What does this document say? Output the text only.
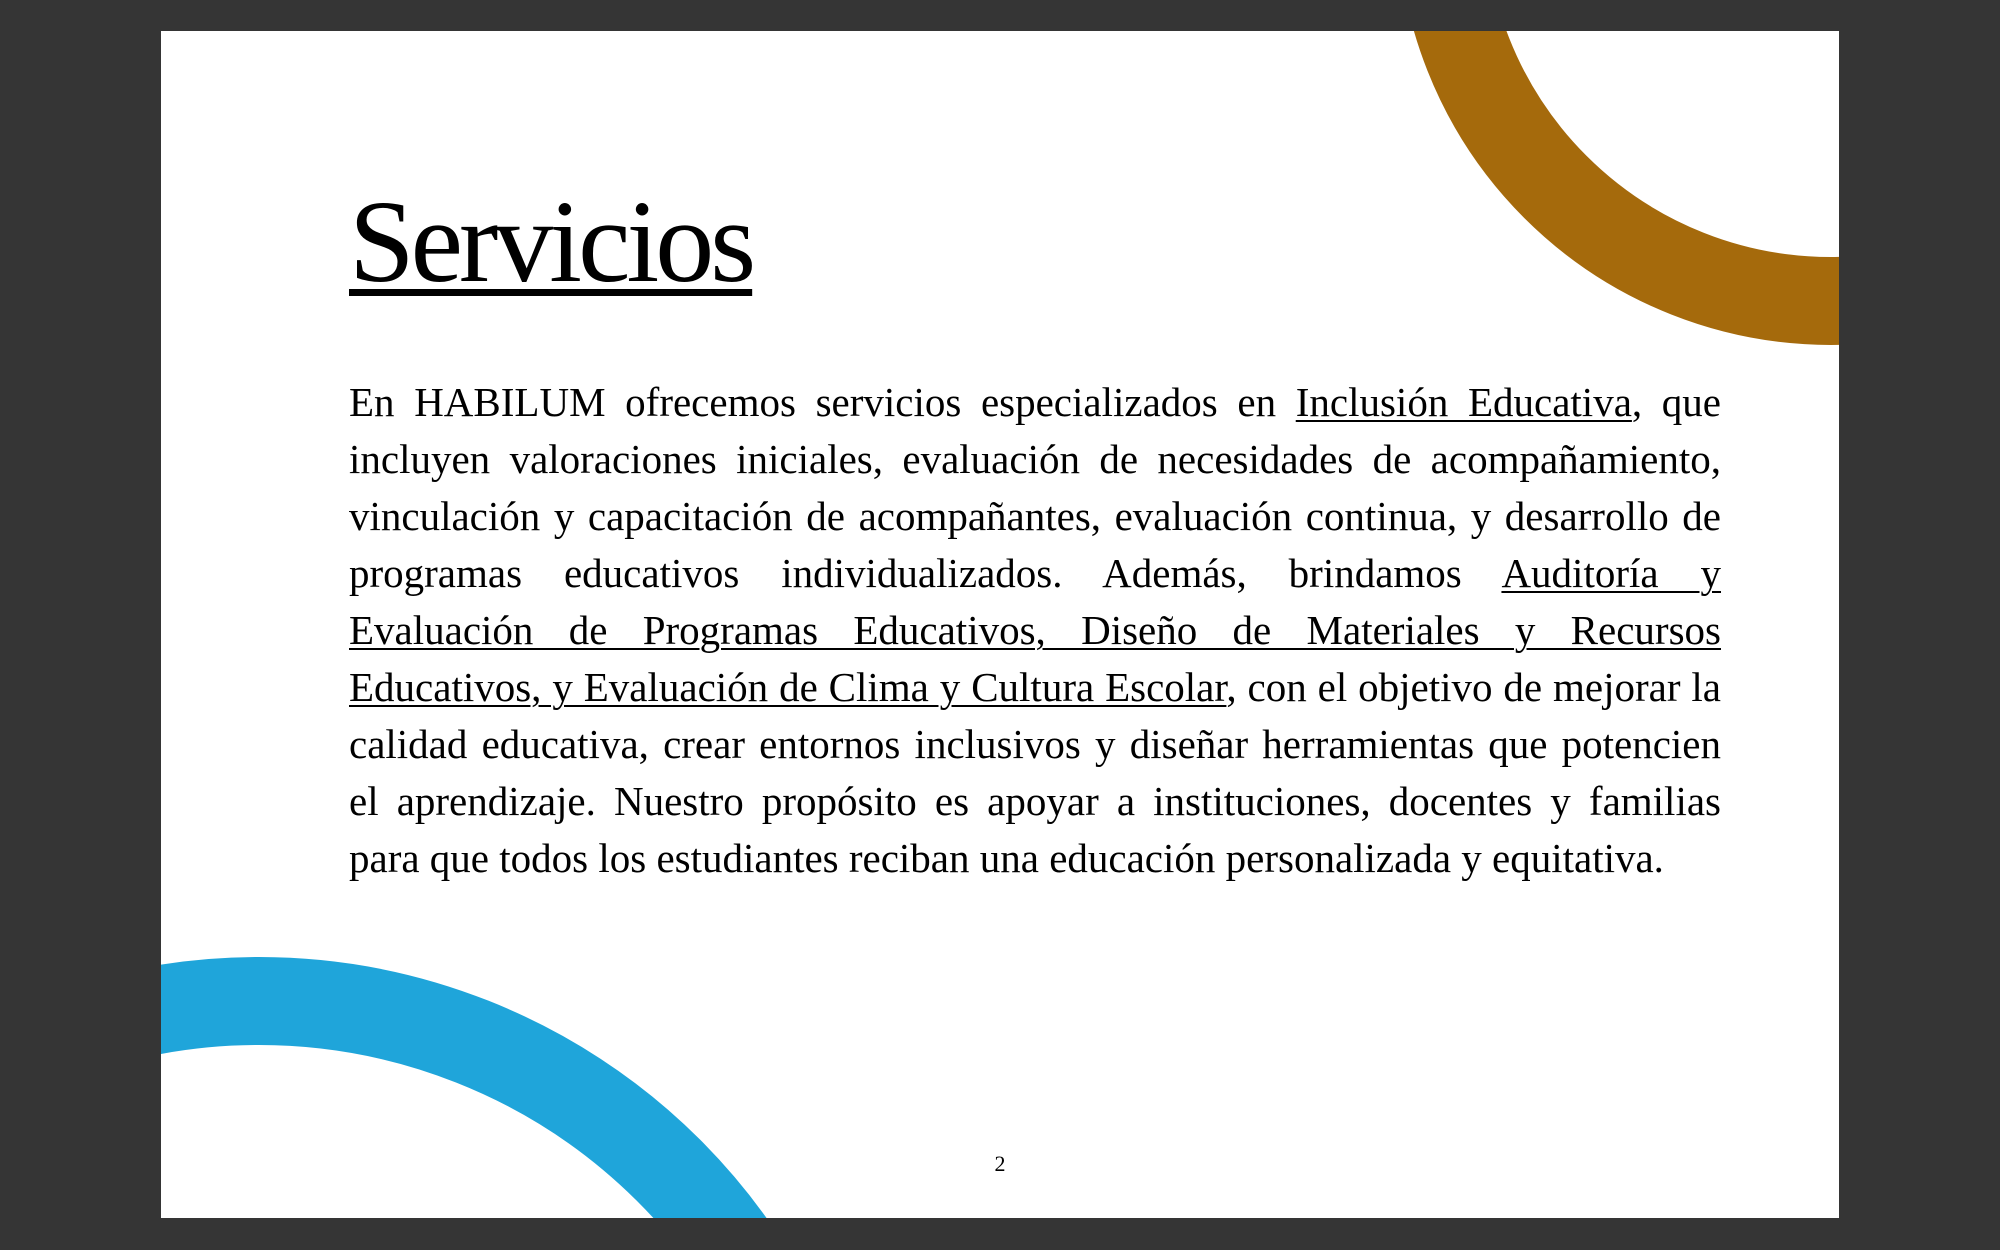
Servicios

En HABILUM ofrecemos servicios especializados en Inclusión Educativa, que incluyen valoraciones iniciales, evaluación de necesidades de acompañamiento, vinculación y capacitación de acompañantes, evaluación continua, y desarrollo de programas educativos individualizados. Además, brindamos Auditoría y Evaluación de Programas Educativos, Diseño de Materiales y Recursos Educativos, y Evaluación de Clima y Cultura Escolar, con el objetivo de mejorar la calidad educativa, crear entornos inclusivos y diseñar herramientas que potencien el aprendizaje. Nuestro propósito es apoyar a instituciones, docentes y familias para que todos los estudiantes reciban una educación personalizada y equitativa.

2
